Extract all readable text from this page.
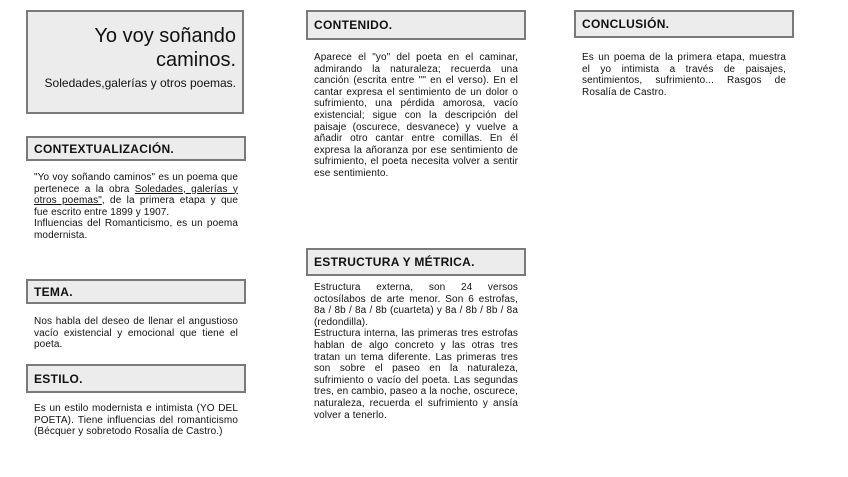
Yo voy soñando caminos.
Soledades,galerías y otros poemas.
CONTEXTUALIZACIÓN.

"Yo voy soñando caminos" es un poema que pertenece a la obra Soledades, galerías y otros poemas", de la primera etapa y que fue escrito entre 1899 y 1907.

Influencias del Romanticismo, es un poema modernista.

TEMA.
Nos habla del deseo de llenar el angustioso vacío existencial y emocional que tiene el poeta.
ESTILO.
Es un estilo modernista e intimista (YO DEL POETA). Tiene influencias del romanticismo (Bécquer y sobretodo Rosalía de Castro.)
CONTENIDO.
Aparece el "yo" del poeta en el caminar, admirando la naturaleza; recuerda una canción (escrita entre "" en el verso). En el cantar expresa el sentimiento de un dolor o sufrimiento, una pérdida amorosa, vacío existencial; sigue con la descripción del paisaje (oscurece, desvanece) y vuelve a añadir otro cantar entre comillas. En él expresa la añoranza por ese sentimiento de sufrimiento, el poeta necesita volver a sentir ese sentimiento.
ESTRUCTURA Y MÉTRICA.

Estructura externa, son 24 versos octosílabos de arte menor. Son 6 estrofas, 8a / 8b / 8a / 8b (cuarteta) y 8a / 8b / 8b / 8a (redondilla).

Estructura interna, las primeras tres estrofas hablan de algo concreto y las otras tres tratan un tema diferente. Las primeras tres son sobre el paseo en la naturaleza, sufrimiento o vacío del poeta. Las segundas tres, en cambio, paseo a la noche, oscurece, naturaleza, recuerda el sufrimiento y ansía volver a tenerlo.

CONCLUSIÓN.
Es un poema de la primera etapa, muestra el yo intimista a través de paisajes, sentimientos, sufrimiento... Rasgos de Rosalía de Castro.
